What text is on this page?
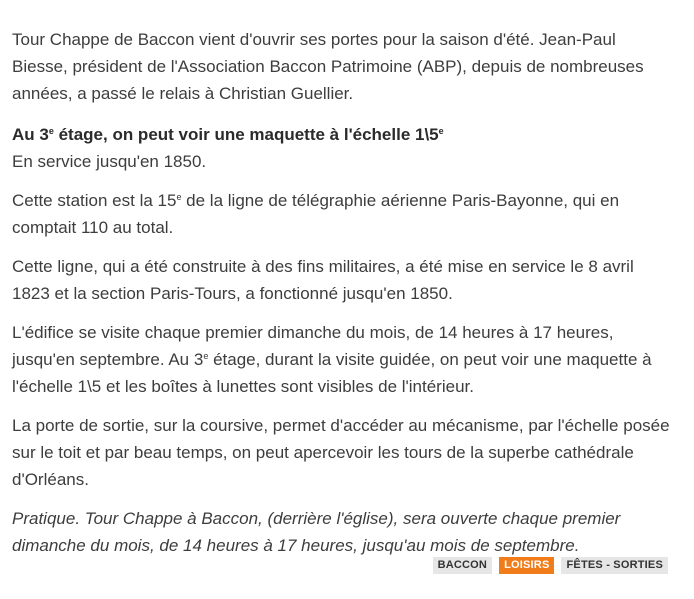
Tour Chappe de Baccon vient d'ouvrir ses portes pour la saison d'été. Jean-Paul Biesse, président de l'Association Baccon Patrimoine (ABP), depuis de nombreuses années, a passé le relais à Christian Guellier.

Au 3e étage, on peut voir une maquette à l'échelle 1\5e

En service jusqu'en 1850.

Cette station est la 15e de la ligne de télégraphie aérienne Paris-Bayonne, qui en comptait 110 au total.

Cette ligne, qui a été construite à des fins militaires, a été mise en service le 8 avril 1823 et la section Paris-Tours, a fonctionné jusqu'en 1850.

L'édifice se visite chaque premier dimanche du mois, de 14 heures à 17 heures, jusqu'en septembre. Au 3e étage, durant la visite guidée, on peut voir une maquette à l'échelle 1\5 et les boîtes à lunettes sont visibles de l'intérieur.

La porte de sortie, sur la coursive, permet d'accéder au mécanisme, par l'échelle posée sur le toit et par beau temps, on peut apercevoir les tours de la superbe cathédrale d'Orléans.

Pratique. Tour Chappe à Baccon, (derrière l'église), sera ouverte chaque premier dimanche du mois, de 14 heures à 17 heures, jusqu'au mois de septembre.

BACCON	LOISIRS	FÊTES - SORTIES
